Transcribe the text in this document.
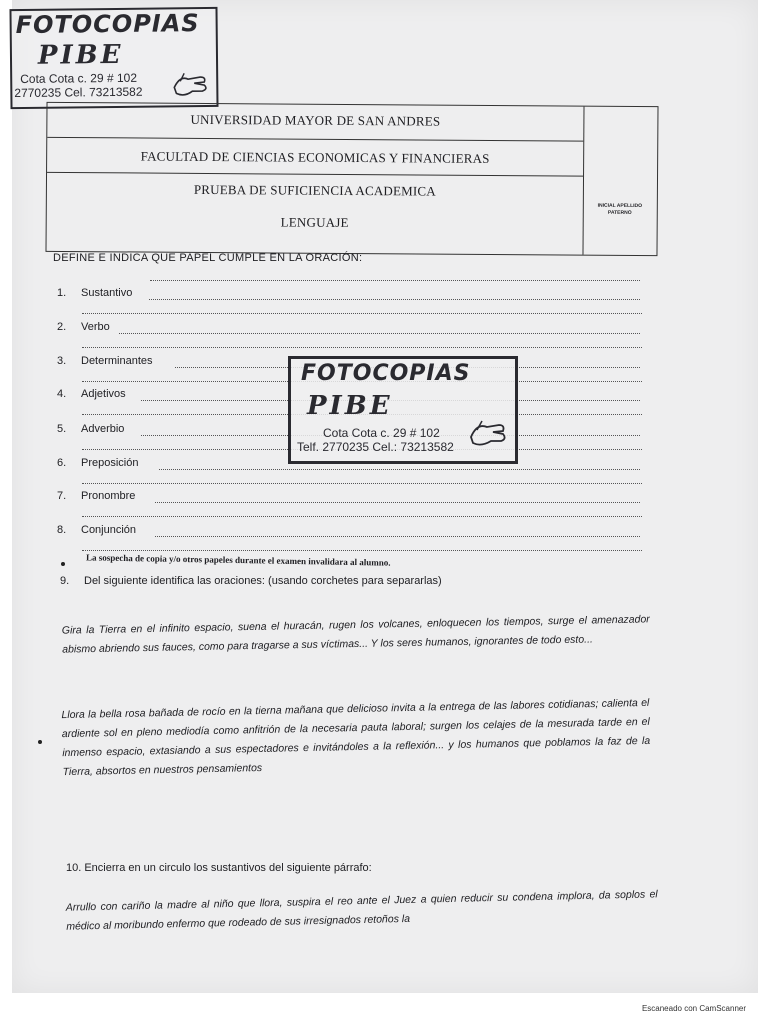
FOTOCOPIAS
PIBE
Cota Cota c. 29 # 102
2770235 Cel. 73213582
UNIVERSIDAD MAYOR DE SAN ANDRES
FACULTAD DE CIENCIAS ECONOMICAS Y FINANCIERAS
PRUEBA DE SUFICIENCIA ACADEMICA
LENGUAJE
INICIAL APELLIDO
PATERNO
DEFINE E INDICA QUE PAPEL CUMPLE EN LA ORACIÓN:
1. Sustantivo
2. Verbo
3. Determinantes
4. Adjetivos
5. Adverbio
6. Preposición
7. Pronombre
8. Conjunción
La sospecha de copia y/o otros papeles durante el examen invalidara al alumno.
9. Del siguiente identifica las oraciones: (usando corchetes para separarlas)
Gira la Tierra en el infinito espacio, suena el huracán, rugen los volcanes, enloquecen los tiempos, surge el amenazador abismo abriendo sus fauces, como para tragarse a sus víctimas... Y los seres humanos, ignorantes de todo esto...
Llora la bella rosa bañada de rocío en la tierna mañana que delicioso invita a la entrega de las labores cotidianas; calienta el ardiente sol en pleno mediodía como anfitrión de la necesaria pauta laboral; surgen los celajes de la mesurada tarde en el inmenso espacio, extasiando a sus espectadores e invitándoles a la reflexión... y los humanos que poblamos la faz de la Tierra, absortos en nuestros pensamientos
10. Encierra en un circulo los sustantivos del siguiente párrafo:
Arrullo con cariño la madre al niño que llora, suspira el reo ante el Juez a quien reducir su condena implora, da soplos el médico al moribundo enfermo que rodeado de sus irresignados retoños la
FOTOCOPIAS
PIBE
Cota Cota c. 29 # 102
Telf. 2770235 Cel.: 73213582
Escaneado con CamScanner
